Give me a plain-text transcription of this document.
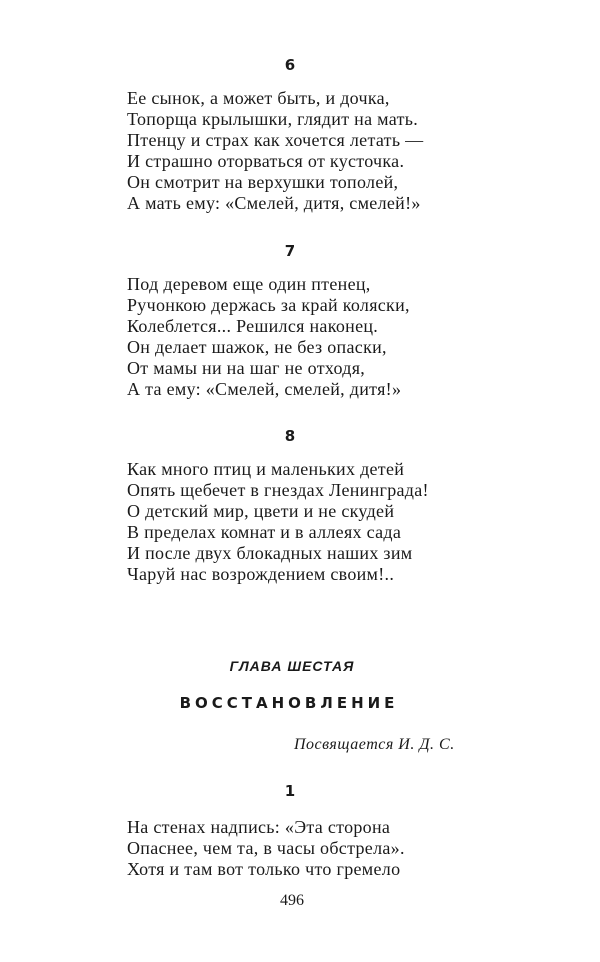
6
Ее сынок, а может быть, и дочка,
Топорща крылышки, глядит на мать.
Птенцу и страх как хочется летать —
И страшно оторваться от кусточка.
Он смотрит на верхушки тополей,
А мать ему: «Смелей, дитя, смелей!»
7
Под деревом еще один птенец,
Ручонкою держась за край коляски,
Колеблется... Решился наконец.
Он делает шажок, не без опаски,
От мамы ни на шаг не отходя,
А та ему: «Смелей, смелей, дитя!»
8
Как много птиц и маленьких детей
Опять щебечет в гнездах Ленинграда!
О детский мир, цвети и не скудей
В пределах комнат и в аллеях сада
И после двух блокадных наших зим
Чаруй нас возрождением своим!..
ГЛАВА ШЕСТАЯ
ВОССТАНОВЛЕНИЕ
Посвящается И. Д. С.
1
На стенах надпись: «Эта сторона
Опаснее, чем та, в часы обстрела».
Хотя и там вот только что гремело
496
